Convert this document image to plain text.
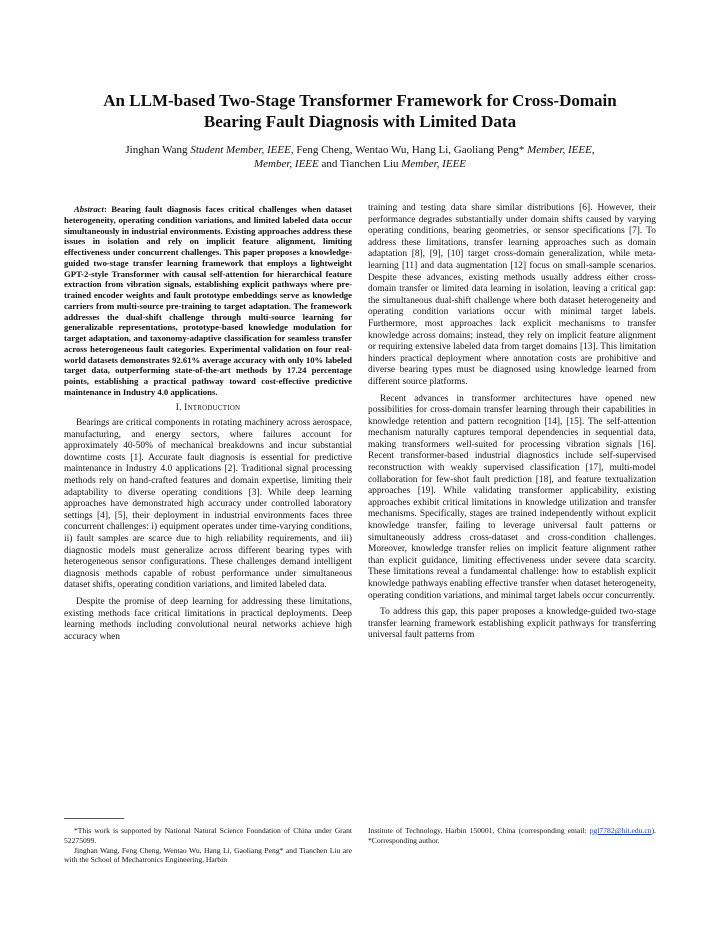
An LLM-based Two-Stage Transformer Framework for Cross-Domain Bearing Fault Diagnosis with Limited Data
Jinghan Wang Student Member, IEEE, Feng Cheng, Wentao Wu, Hang Li, Gaoliang Peng* Member, IEEE,
Member, IEEE and Tianchen Liu Member, IEEE

Abstract: Bearing fault diagnosis faces critical challenges when dataset heterogeneity, operating condition variations, and limited labeled data occur simultaneously in industrial environments. Existing approaches address these issues in isolation and rely on implicit feature alignment, limiting effectiveness under concurrent challenges. This paper proposes a knowledge-guided two-stage transfer learning framework that employs a lightweight GPT-2-style Transformer with causal self-attention for hierarchical feature extraction from vibration signals, establishing explicit pathways where pre-trained encoder weights and fault prototype embeddings serve as knowledge carriers from multi-source pre-training to target adaptation. The framework addresses the dual-shift challenge through multi-source learning for generalizable representations, prototype-based knowledge modulation for target adaptation, and taxonomy-adaptive classification for seamless transfer across heterogeneous fault categories. Experimental validation on four real-world datasets demonstrates 92.61% average accuracy with only 10% labeled target data, outperforming state-of-the-art methods by 17.24 percentage points, establishing a practical pathway toward cost-effective predictive maintenance in Industry 4.0 applications.

I. Introduction

Bearings are critical components in rotating machinery across aerospace, manufacturing, and energy sectors, where failures account for approximately 40-50% of mechanical breakdowns and incur substantial downtime costs [1]. Accurate fault diagnosis is essential for predictive maintenance in Industry 4.0 applications [2]. Traditional signal processing methods rely on hand-crafted features and domain expertise, limiting their adaptability to diverse operating conditions [3]. While deep learning approaches have demonstrated high accuracy under controlled laboratory settings [4], [5], their deployment in industrial environments faces three concurrent challenges: i) equipment operates under time-varying conditions, ii) fault samples are scarce due to high reliability requirements, and iii) diagnostic models must generalize across different bearing types with heterogeneous sensor configurations. These challenges demand intelligent diagnosis methods capable of robust performance under simultaneous dataset shifts, operating condition variations, and limited labeled data.

Despite the promise of deep learning for addressing these limitations, existing methods face critical limitations in practical deployments. Deep learning methods including convolutional neural networks achieve high accuracy when

training and testing data share similar distributions [6]. However, their performance degrades substantially under domain shifts caused by varying operating conditions, bearing geometries, or sensor specifications [7]. To address these limitations, transfer learning approaches such as domain adaptation [8], [9], [10] target cross-domain generalization, while meta-learning [11] and data augmentation [12] focus on small-sample scenarios. Despite these advances, existing methods usually address either cross-domain transfer or limited data learning in isolation, leaving a critical gap: the simultaneous dual-shift challenge where both dataset heterogeneity and operating condition variations occur with minimal target labels. Furthermore, most approaches lack explicit mechanisms to transfer knowledge across domains; instead, they rely on implicit feature alignment or requiring extensive labeled data from target domains [13]. This limitation hinders practical deployment where annotation costs are prohibitive and diverse bearing types must be diagnosed using knowledge learned from different source platforms.

Recent advances in transformer architectures have opened new possibilities for cross-domain transfer learning through their capabilities in knowledge retention and pattern recognition [14], [15]. The self-attention mechanism naturally captures temporal dependencies in sequential data, making transformers well-suited for processing vibration signals [16]. Recent transformer-based industrial diagnostics include self-supervised reconstruction with weakly supervised classification [17], multi-model collaboration for few-shot fault prediction [18], and feature textualization approaches [19]. While validating transformer applicability, existing approaches exhibit critical limitations in knowledge utilization and transfer mechanisms. Specifically, stages are trained independently without explicit knowledge transfer, failing to leverage universal fault patterns or simultaneously address cross-dataset and cross-condition challenges. Moreover, knowledge transfer relies on implicit feature alignment rather than explicit guidance, limiting effectiveness under severe data scarcity. These limitations reveal a fundamental challenge: how to establish explicit knowledge pathways enabling effective transfer when dataset heterogeneity, operating condition variations, and minimal target labels occur concurrently.

To address this gap, this paper proposes a knowledge-guided two-stage transfer learning framework establishing explicit pathways for transferring universal fault patterns from

*This work is supported by National Natural Science Foundation of China under Grant 52275099.

Jinghan Wang, Feng Cheng, Wentao Wu, Hang Li, Gaoliang Peng* and Tianchen Liu are with the School of Mechatronics Engineering, Harbin

Institute of Technology, Harbin 150001, China (corresponding email: pgl7782@hit.edu.cn). *Corresponding author.
